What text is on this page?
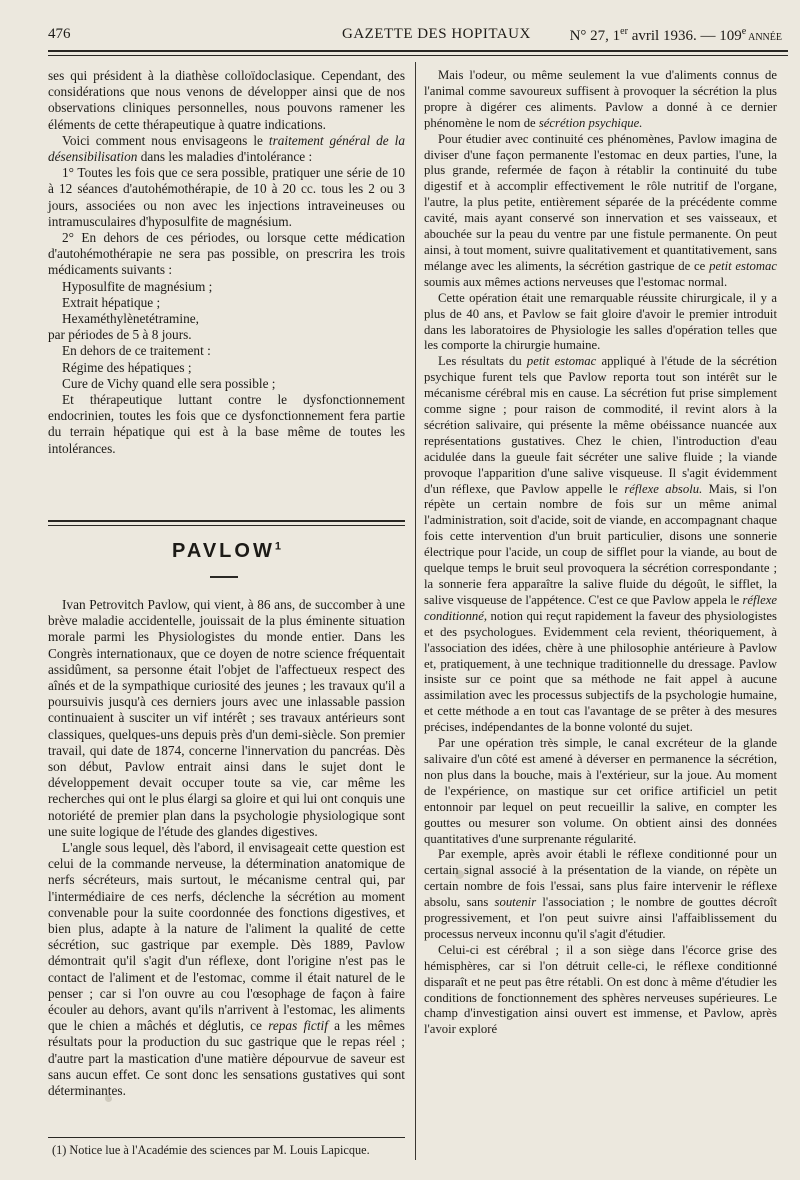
476	GAZETTE DES HOPITAUX	N° 27, 1er avril 1936. — 109e ANNÉE

ses qui président à la diathèse colloïdoclasique. Cependant, des considérations que nous venons de développer ainsi que de nos observations cliniques personnelles, nous pouvons ramener les éléments de cette thérapeutique à quatre indications.

Voici comment nous envisageons le traitement général de la désensibilisation dans les maladies d'intolérance :

1° Toutes les fois que ce sera possible, pratiquer une série de 10 à 12 séances d'autohémothérapie, de 10 à 20 cc. tous les 2 ou 3 jours, associées ou non avec les injections intraveineuses ou intramusculaires d'hyposulfite de magnésium.

2° En dehors de ces périodes, ou lorsque cette médication d'autohémothérapie ne sera pas possible, on prescrira les trois médicaments suivants :

Hyposulfite de magnésium ;

Extrait hépatique ;

Hexaméthylènetétramine,

par périodes de 5 à 8 jours.

En dehors de ce traitement :

Régime des hépatiques ;

Cure de Vichy quand elle sera possible ;

Et thérapeutique luttant contre le dysfonctionnement endocrinien, toutes les fois que ce dysfonctionnement fera partie du terrain hépatique qui est à la base même de toutes les intolérances.

PAVLOW$^1$

Ivan Petrovitch Pavlow, qui vient, à 86 ans, de succomber à une brève maladie accidentelle, jouissait de la plus éminente situation morale parmi les Physiologistes du monde entier. Dans les Congrès internationaux, que ce doyen de notre science fréquentait assidûment, sa personne était l'objet de l'affectueux respect des aînés et de la sympathique curiosité des jeunes ; les travaux qu'il a poursuivis jusqu'à ces derniers jours avec une inlassable passion continuaient à susciter un vif intérêt ; ses travaux antérieurs sont classiques, quelques-uns depuis près d'un demi-siècle. Son premier travail, qui date de 1874, concerne l'innervation du pancréas. Dès son début, Pavlow entrait ainsi dans le sujet dont le développement devait occuper toute sa vie, car même les recherches qui ont le plus élargi sa gloire et qui lui ont conquis une notoriété de premier plan dans la psychologie physiologique sont une suite logique de l'étude des glandes digestives.

L'angle sous lequel, dès l'abord, il envisageait cette question est celui de la commande nerveuse, la détermination anatomique de nerfs sécréteurs, mais surtout, le mécanisme central qui, par l'intermédiaire de ces nerfs, déclenche la sécrétion au moment convenable pour la suite coordonnée des fonctions digestives, et bien plus, adapte à la nature de l'aliment la qualité de cette sécrétion, suc gastrique par exemple. Dès 1889, Pavlow démontrait qu'il s'agit d'un réflexe, dont l'origine n'est pas le contact de l'aliment et de l'estomac, comme il était naturel de le penser ; car si l'on ouvre au cou l'œsophage de façon à faire écouler au dehors, avant qu'ils n'arrivent à l'estomac, les aliments que le chien a mâchés et déglutis, ce repas fictif a les mêmes résultats pour la production du suc gastrique que le repas réel ; d'autre part la mastication d'une matière dépourvue de saveur est sans aucun effet. Ce sont donc les sensations gustatives qui sont déterminantes.

(1) Notice lue à l'Académie des sciences par M. Louis Lapicque.

Mais l'odeur, ou même seulement la vue d'aliments connus de l'animal comme savoureux suffisent à provoquer la sécrétion la plus propre à digérer ces aliments. Pavlow a donné à ce dernier phénomène le nom de sécrétion psychique.

Pour étudier avec continuité ces phénomènes, Pavlow imagina de diviser d'une façon permanente l'estomac en deux parties, l'une, la plus grande, refermée de façon à rétablir la continuité du tube digestif et à accomplir effectivement le rôle nutritif de l'organe, l'autre, la plus petite, entièrement séparée de la précédente comme cavité, mais ayant conservé son innervation et ses vaisseaux, et abouchée sur la peau du ventre par une fistule permanente. On peut ainsi, à tout moment, suivre qualitativement et quantitativement, sans mélange avec les aliments, la sécrétion gastrique de ce petit estomac soumis aux mêmes actions nerveuses que l'estomac normal.

Cette opération était une remarquable réussite chirurgicale, il y a plus de 40 ans, et Pavlow se fait gloire d'avoir le premier introduit dans les laboratoires de Physiologie les salles d'opération telles que les comporte la chirurgie humaine.

Les résultats du petit estomac appliqué à l'étude de la sécrétion psychique furent tels que Pavlow reporta tout son intérêt sur le mécanisme cérébral mis en cause. La sécrétion fut prise simplement comme signe ; pour raison de commodité, il revint alors à la sécrétion salivaire, qui présente la même obéissance nuancée aux représentations gustatives. Chez le chien, l'introduction d'eau acidulée dans la gueule fait sécréter une salive fluide ; la viande provoque l'apparition d'une salive visqueuse. Il s'agit évidemment d'un réflexe, que Pavlow appelle le réflexe absolu. Mais, si l'on répète un certain nombre de fois sur un même animal l'administration, soit d'acide, soit de viande, en accompagnant chaque fois cette intervention d'un bruit particulier, disons une sonnerie électrique pour l'acide, un coup de sifflet pour la viande, au bout de quelque temps le bruit seul provoquera la sécrétion correspondante ; la sonnerie fera apparaître la salive fluide du dégoût, le sifflet, la salive visqueuse de l'appétence. C'est ce que Pavlow appela le réflexe conditionné, notion qui reçut rapidement la faveur des physiologistes et des psychologues. Evidemment cela revient, théoriquement, à l'association des idées, chère à une philosophie antérieure à Pavlow et, pratiquement, à une technique traditionnelle du dressage. Pavlow insiste sur ce point que sa méthode ne fait appel à aucune assimilation avec les processus subjectifs de la psychologie humaine, et cette méthode a en tout cas l'avantage de se prêter à des mesures précises, indépendantes de la bonne volonté du sujet.

Par une opération très simple, le canal excréteur de la glande salivaire d'un côté est amené à déverser en permanence la sécrétion, non plus dans la bouche, mais à l'extérieur, sur la joue. Au moment de l'expérience, on mastique sur cet orifice artificiel un petit entonnoir par lequel on peut recueillir la salive, en compter les gouttes ou mesurer son volume. On obtient ainsi des données quantitatives d'une surprenante régularité.

Par exemple, après avoir établi le réflexe conditionné pour un certain signal associé à la présentation de la viande, on répète un certain nombre de fois l'essai, sans plus faire intervenir le réflexe absolu, sans soutenir l'association ; le nombre de gouttes décroît progressivement, et l'on peut suivre ainsi l'affaiblissement du processus nerveux inconnu qu'il s'agit d'étudier.

Celui-ci est cérébral ; il a son siège dans l'écorce grise des hémisphères, car si l'on détruit celle-ci, le réflexe conditionné disparaît et ne peut pas être rétabli. On est donc à même d'étudier les conditions de fonctionnement des sphères nerveuses supérieures. Le champ d'investigation ainsi ouvert est immense, et Pavlow, après l'avoir exploré
